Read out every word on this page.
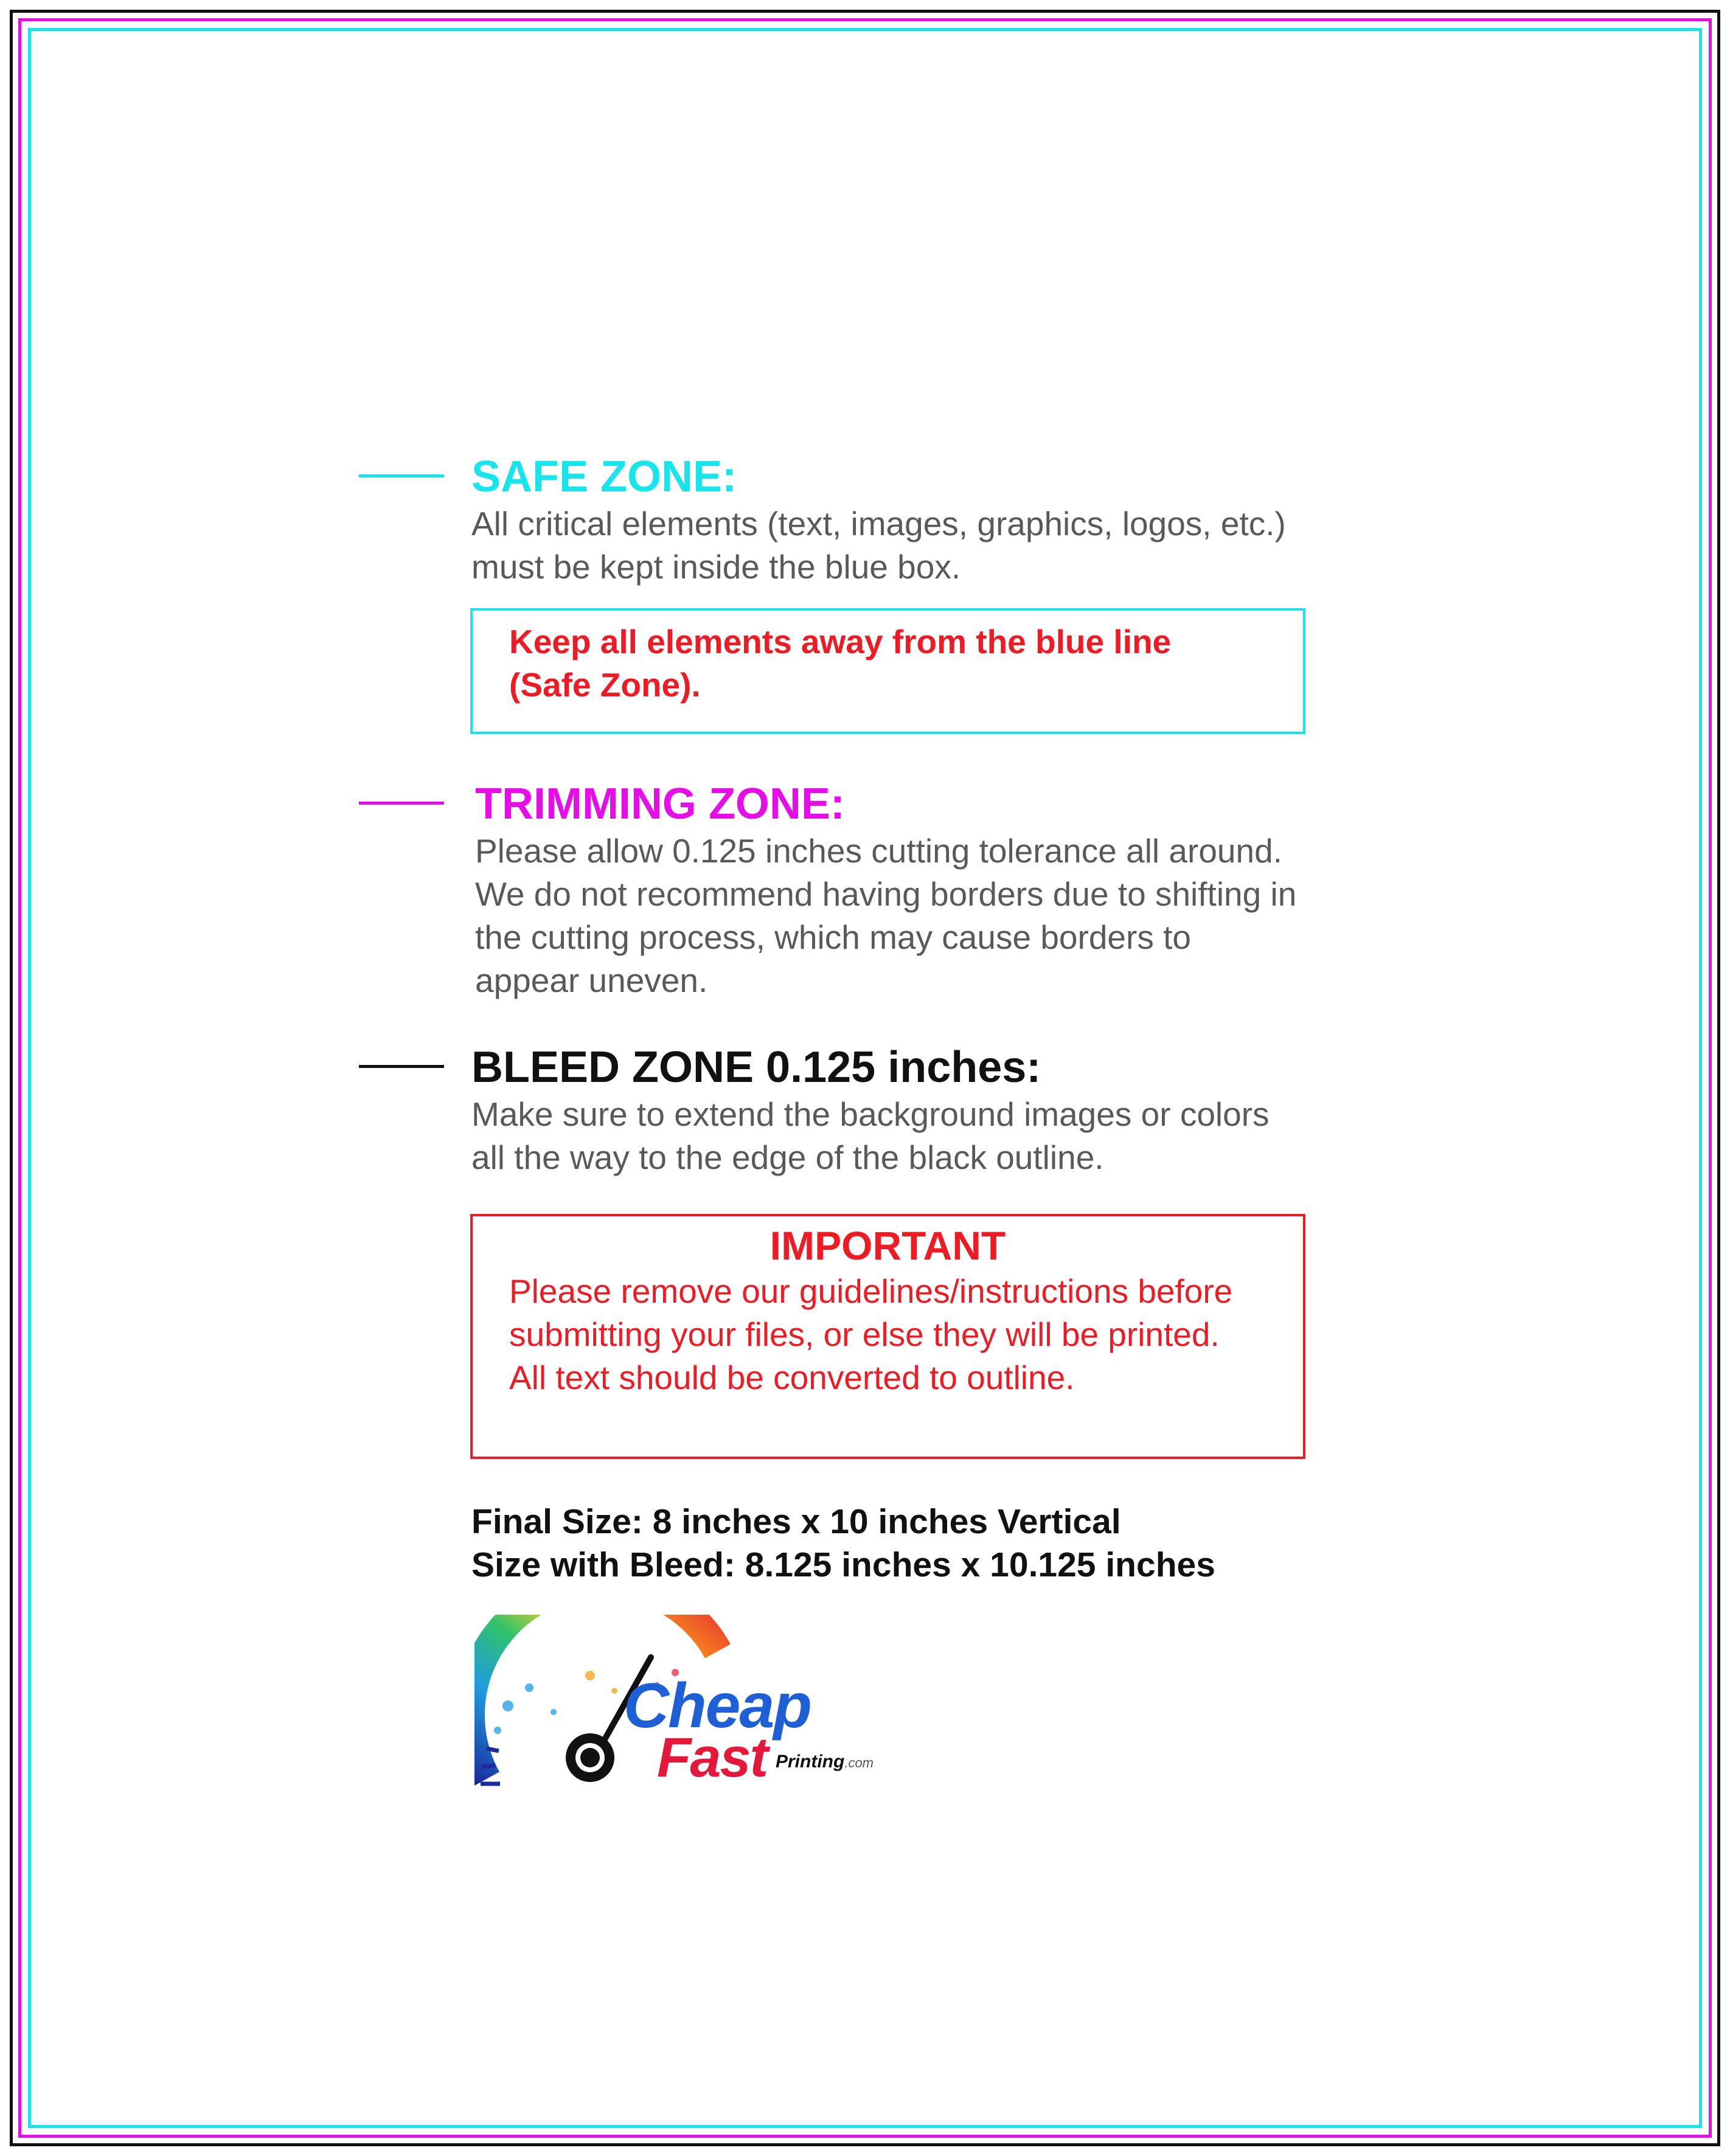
SAFE ZONE:
All critical elements (text, images, graphics, logos, etc.)
must be kept inside the blue box.
Keep all elements away from the blue line
(Safe Zone).
TRIMMING ZONE:
Please allow 0.125 inches cutting tolerance all around.
We do not recommend having borders due to shifting in
the cutting process, which may cause borders to
appear uneven.
BLEED ZONE 0.125 inches:
Make sure to extend the background images or colors
all the way to the edge of the black outline.
IMPORTANT
Please remove our guidelines/instructions before
submitting your files, or else they will be printed.
All text should be converted to outline.
Final Size: 8 inches x 10 inches Vertical
Size with Bleed: 8.125 inches x 10.125 inches
Cheap
Fast Printing.com
